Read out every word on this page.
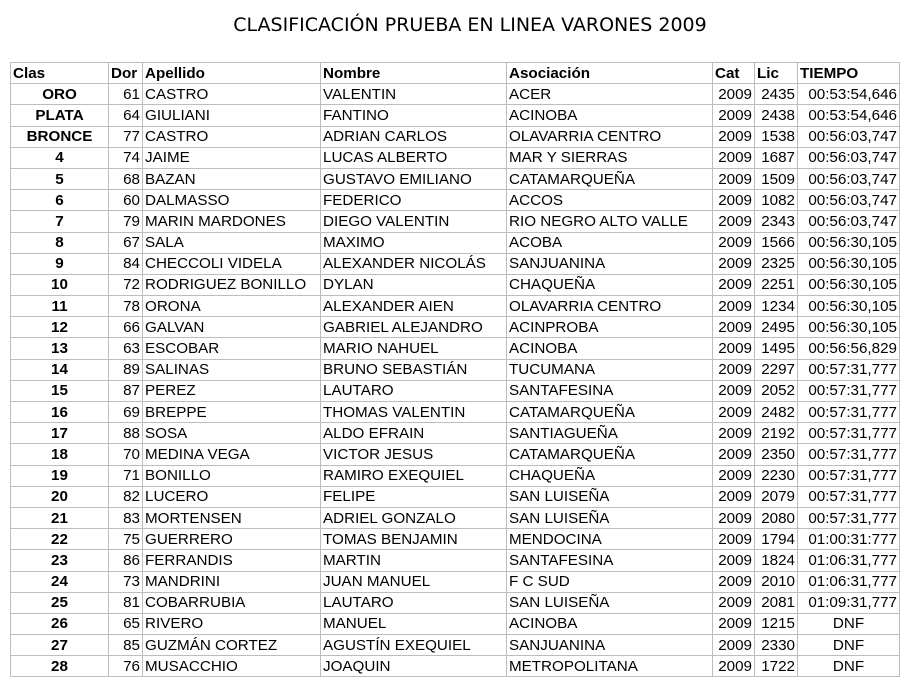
CLASIFICACIÓN PRUEBA EN LINEA VARONES 2009
Clas	Dor	Apellido	Nombre	Asociación	Cat	Lic	TIEMPO
ORO	61	CASTRO	VALENTIN	ACER	2009	2435	00:53:54,646
PLATA	64	GIULIANI	FANTINO	ACINOBA	2009	2438	00:53:54,646
BRONCE	77	CASTRO	ADRIAN CARLOS	OLAVARRIA CENTRO	2009	1538	00:56:03,747
4	74	JAIME	LUCAS ALBERTO	MAR Y SIERRAS	2009	1687	00:56:03,747
5	68	BAZAN	GUSTAVO EMILIANO	CATAMARQUEÑA	2009	1509	00:56:03,747
6	60	DALMASSO	FEDERICO	ACCOS	2009	1082	00:56:03,747
7	79	MARIN MARDONES	DIEGO VALENTIN	RIO NEGRO ALTO VALLE	2009	2343	00:56:03,747
8	67	SALA	MAXIMO	ACOBA	2009	1566	00:56:30,105
9	84	CHECCOLI VIDELA	ALEXANDER NICOLÁS	SANJUANINA	2009	2325	00:56:30,105
10	72	RODRIGUEZ BONILLO	DYLAN	CHAQUEÑA	2009	2251	00:56:30,105
11	78	ORONA	ALEXANDER AIEN	OLAVARRIA CENTRO	2009	1234	00:56:30,105
12	66	GALVAN	GABRIEL ALEJANDRO	ACINPROBA	2009	2495	00:56:30,105
13	63	ESCOBAR	MARIO NAHUEL	ACINOBA	2009	1495	00:56:56,829
14	89	SALINAS	BRUNO SEBASTIÁN	TUCUMANA	2009	2297	00:57:31,777
15	87	PEREZ	LAUTARO	SANTAFESINA	2009	2052	00:57:31,777
16	69	BREPPE	THOMAS VALENTIN	CATAMARQUEÑA	2009	2482	00:57:31,777
17	88	SOSA	ALDO EFRAIN	SANTIAGUEÑA	2009	2192	00:57:31,777
18	70	MEDINA VEGA	VICTOR JESUS	CATAMARQUEÑA	2009	2350	00:57:31,777
19	71	BONILLO	RAMIRO EXEQUIEL	CHAQUEÑA	2009	2230	00:57:31,777
20	82	LUCERO	FELIPE	SAN LUISEÑA	2009	2079	00:57:31,777
21	83	MORTENSEN	ADRIEL GONZALO	SAN LUISEÑA	2009	2080	00:57:31,777
22	75	GUERRERO	TOMAS BENJAMIN	MENDOCINA	2009	1794	01:00:31:777
23	86	FERRANDIS	MARTIN	SANTAFESINA	2009	1824	01:06:31,777
24	73	MANDRINI	JUAN MANUEL	F C SUD	2009	2010	01:06:31,777
25	81	COBARRUBIA	LAUTARO	SAN LUISEÑA	2009	2081	01:09:31,777
26	65	RIVERO	MANUEL	ACINOBA	2009	1215	DNF
27	85	GUZMÁN CORTEZ	AGUSTÍN EXEQUIEL	SANJUANINA	2009	2330	DNF
28	76	MUSACCHIO	JOAQUIN	METROPOLITANA	2009	1722	DNF
